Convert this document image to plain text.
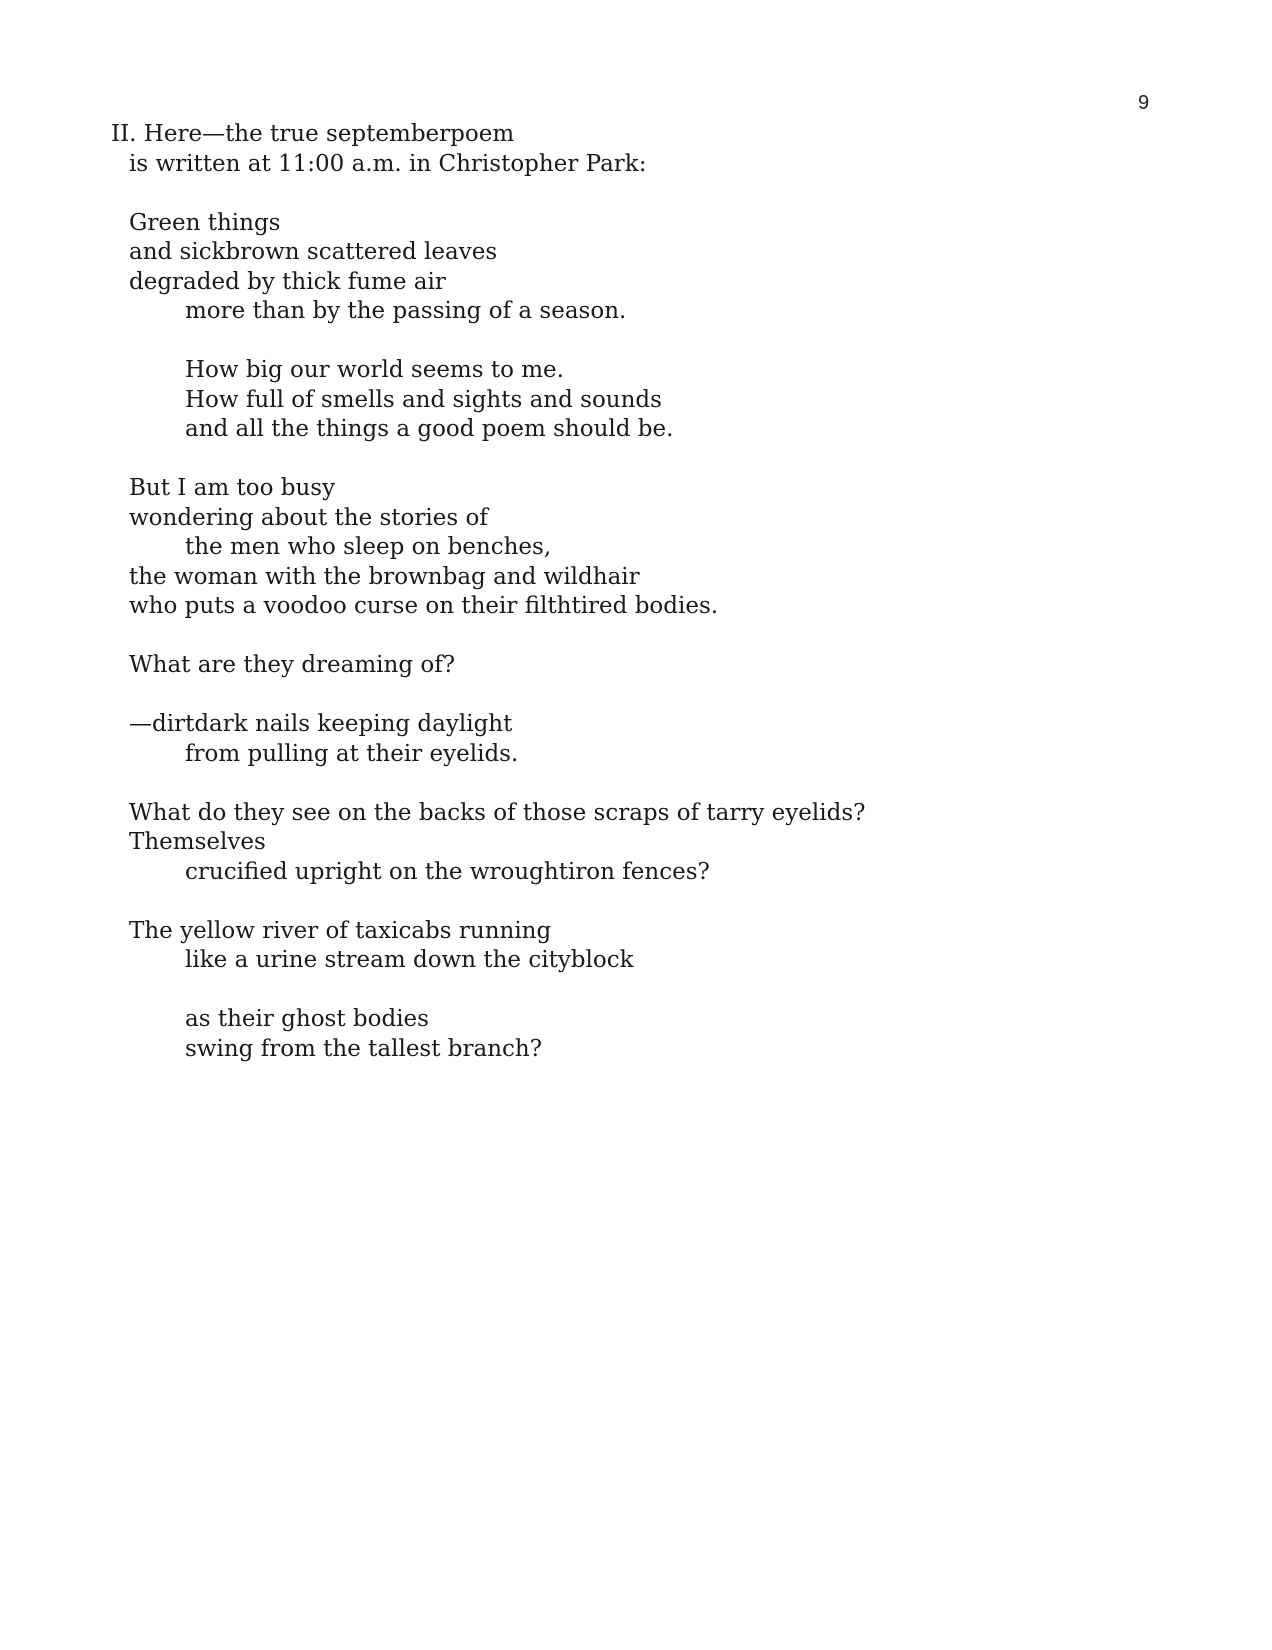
9
II. Here—the true septemberpoem
is written at 11:00 a.m. in Christopher Park:
Green things
and sickbrown scattered leaves
degraded by thick fume air
more than by the passing of a season.
How big our world seems to me.
How full of smells and sights and sounds
and all the things a good poem should be.
But I am too busy
wondering about the stories of
the men who sleep on benches,
the woman with the brownbag and wildhair
who puts a voodoo curse on their filthtired bodies.
What are they dreaming of?
—dirtdark nails keeping daylight
from pulling at their eyelids.
What do they see on the backs of those scraps of tarry eyelids?
Themselves
crucified upright on the wroughtiron fences?
The yellow river of taxicabs running
like a urine stream down the cityblock
as their ghost bodies
swing from the tallest branch?
